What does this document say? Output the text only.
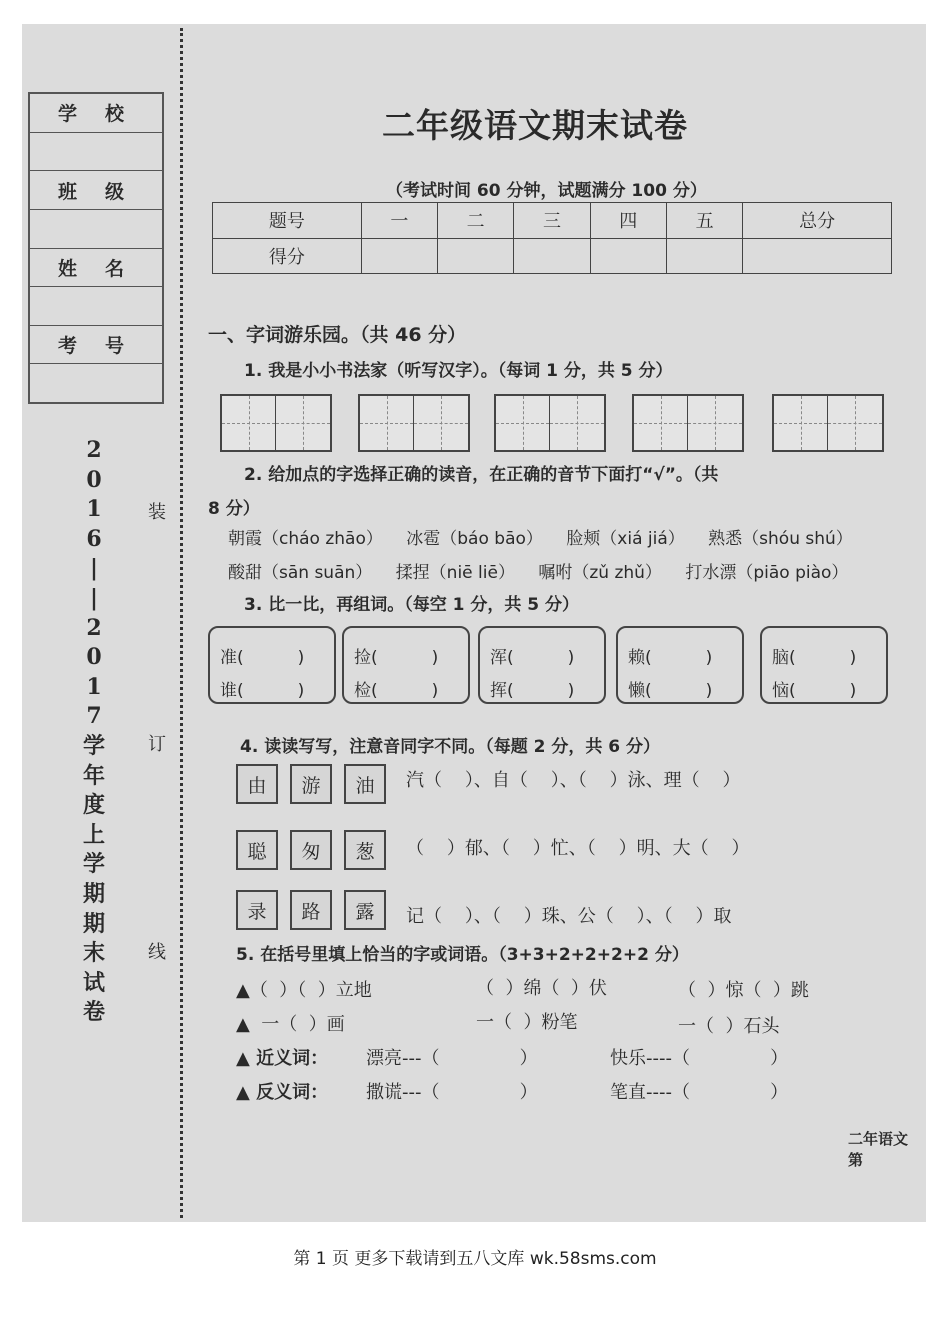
学校
班级
姓名
考号
2
0
1
6
|
|
2
0
1
7
学
年
度
上
学
期
期
末
试
卷
装
订
线
二年级语文期末试卷
（考试时间 60 分钟，试题满分 100 分）
题号	一	二	三	四	五	总分
得分						
一、字词游乐园。（共 46 分）
1. 我是小小书法家（听写汉字）。（每词 1 分，共 5 分）
2. 给加点的字选择正确的读音，在正确的音节下面打“√”。（共
8 分）
朝霞（cháo zhāo） 冰雹（báo bāo） 脸颊（xiá jiá） 熟悉（shóu shú）
酸甜（sān suān） 揉捏（niē liē） 嘱咐（zǔ zhǔ） 打水漂（piāo piào）
3. 比一比，再组词。（每空 1 分，共 5 分）
准(          )
谁(          )
捡(          )
检(          )
浑(          )
挥(          )
赖(          )
懒(          )
脑(          )
恼(          )
4. 读读写写，注意音同字不同。（每题 2 分，共 6 分）
由	游	油	汽（    ）、自（    ）、（    ）泳、理（    ）
聪	匆	葱	（    ）郁、（    ）忙、（    ）明、大（    ）
录	路	露	记（    ）、（    ）珠、公（    ）、（    ）取
5. 在括号里填上恰当的字或词语。（3+3+2+2+2+2 分）
▲（  ）（  ）立地	（  ）绵（  ）伏	（  ）惊（  ）跳
▲  一（  ）画	一（  ）粉笔	一（  ）石头
▲ 近义词： 漂亮---（              ）	快乐----（              ）
▲ 反义词： 撒谎---（              ）	笔直----（              ）
二年语文 第
第 1 页 更多下载请到五八文库 wk.58sms.com
